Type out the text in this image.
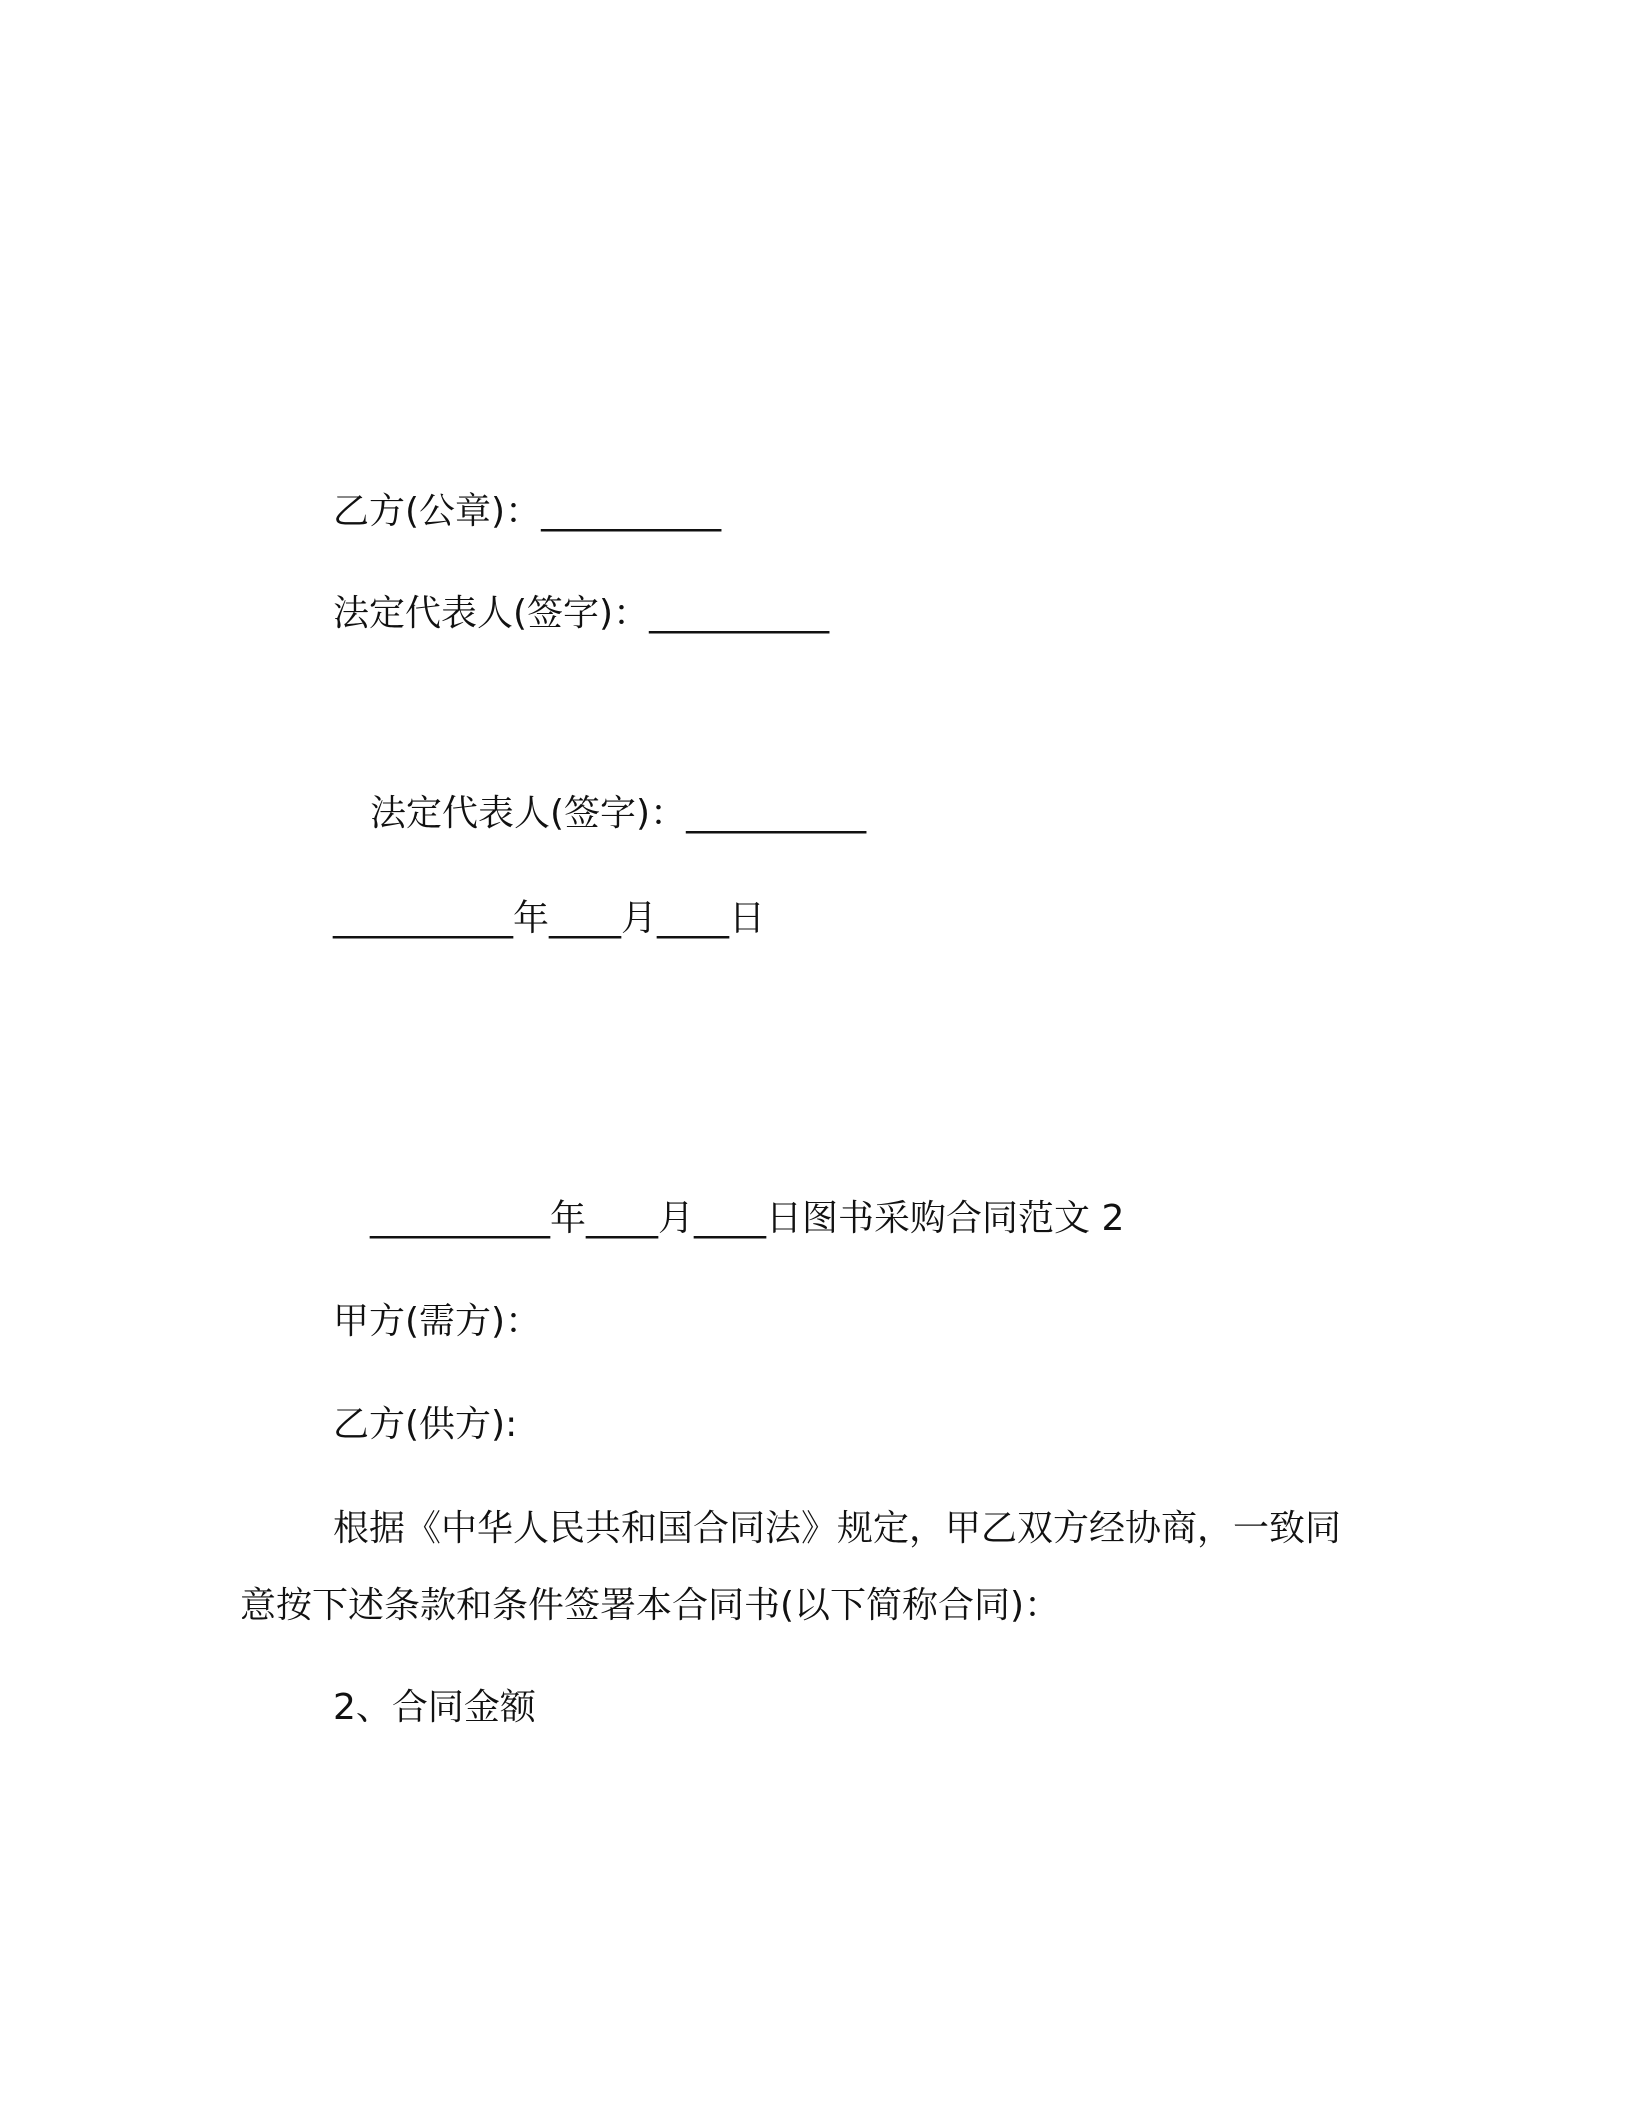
乙方(公章)：__________
法定代表人(签字)：__________
法定代表人(签字)：__________
__________年____月____日
__________年____月____日图书采购合同范文 2
甲方(需方)：
乙方(供方):
根据《中华人民共和国合同法》规定，甲乙双方经协商，一致同
意按下述条款和条件签署本合同书(以下简称合同)：
2、合同金额
